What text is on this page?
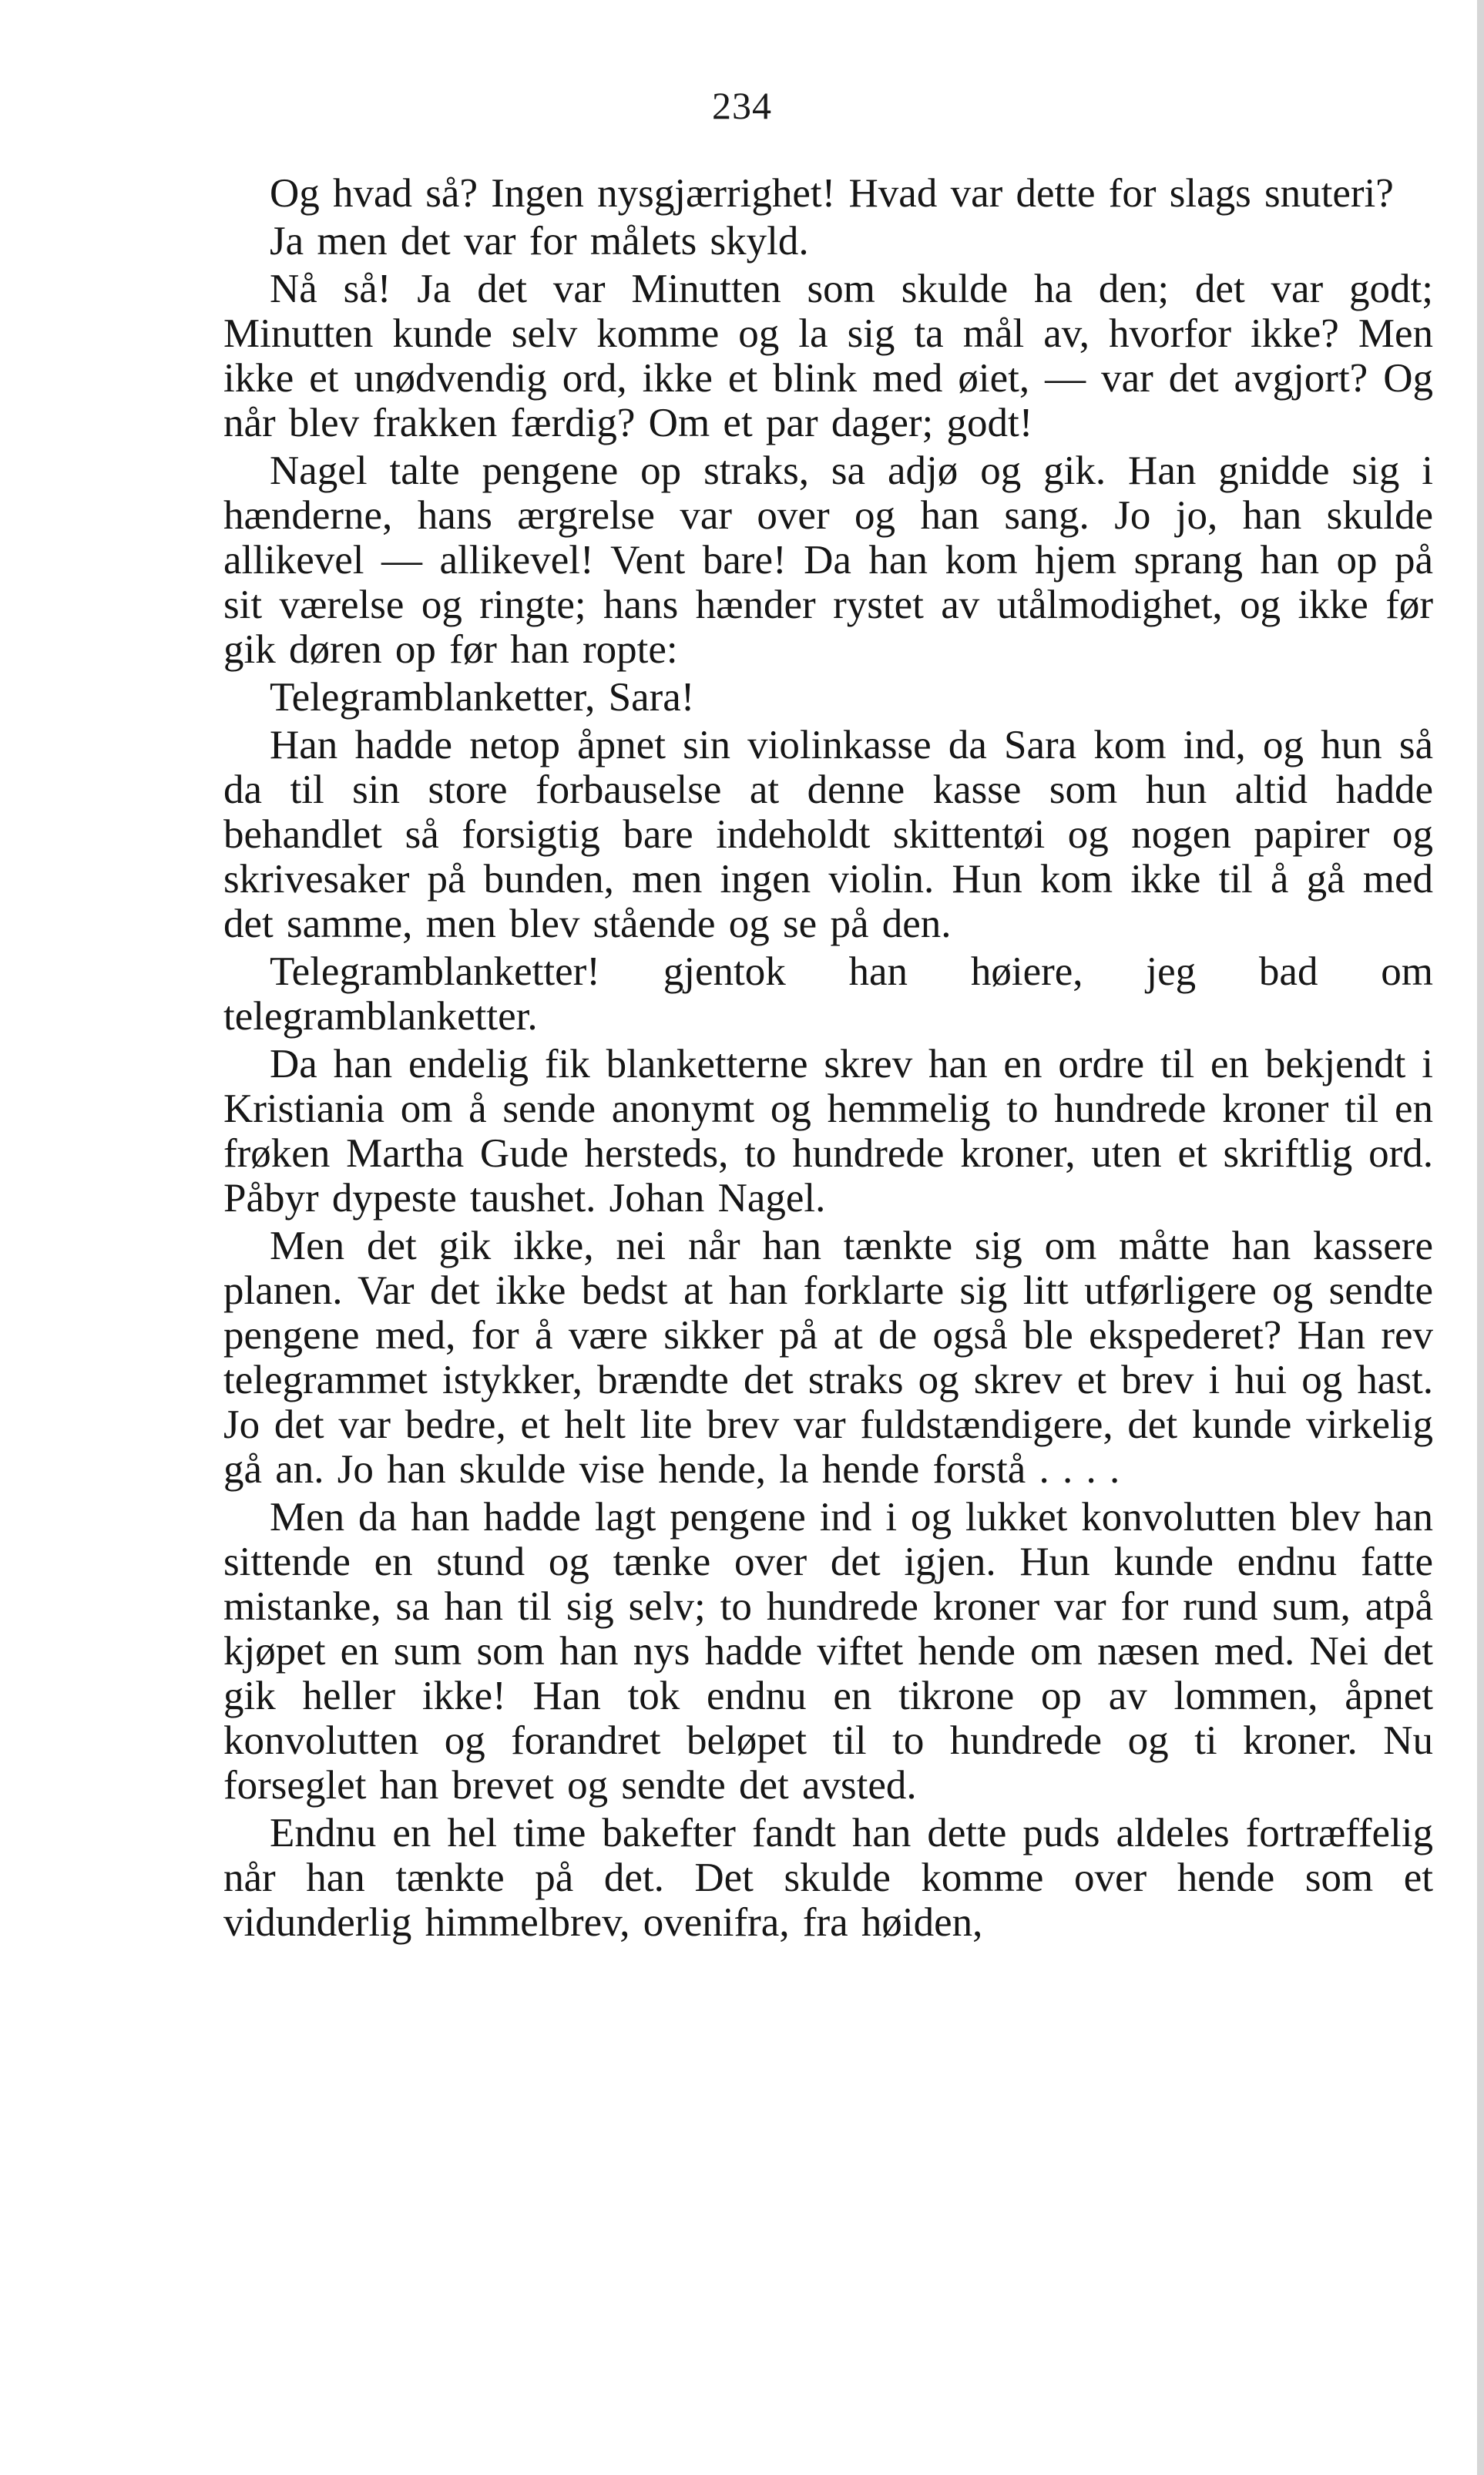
234

Og hvad så? Ingen nysgjærrighet! Hvad var dette for slags snuteri?

Ja men det var for målets skyld.

Nå så! Ja det var Minutten som skulde ha den; det var godt; Minutten kunde selv komme og la sig ta mål av, hvorfor ikke? Men ikke et unødvendig ord, ikke et blink med øiet, — var det avgjort? Og når blev frakken færdig? Om et par dager; godt!

Nagel talte pengene op straks, sa adjø og gik. Han gnidde sig i hænderne, hans ærgrelse var over og han sang. Jo jo, han skulde allikevel — allikevel! Vent bare! Da han kom hjem sprang han op på sit værelse og ringte; hans hænder rystet av utålmodighet, og ikke før gik døren op før han ropte:

Telegramblanketter, Sara!

Han hadde netop åpnet sin violinkasse da Sara kom ind, og hun så da til sin store forbauselse at denne kasse som hun altid hadde behandlet så forsigtig bare indeholdt skittentøi og nogen papirer og skrivesaker på bunden, men ingen violin. Hun kom ikke til å gå med det samme, men blev stående og se på den.

Telegramblanketter! gjentok han høiere, jeg bad om telegramblanketter.

Da han endelig fik blanketterne skrev han en ordre til en bekjendt i Kristiania om å sende anonymt og hemmelig to hundrede kroner til en frøken Martha Gude hersteds, to hundrede kroner, uten et skriftlig ord. Påbyr dypeste taushet. Johan Nagel.

Men det gik ikke, nei når han tænkte sig om måtte han kassere planen. Var det ikke bedst at han forklarte sig litt utførligere og sendte pengene med, for å være sikker på at de også ble ekspederet? Han rev telegrammet istykker, brændte det straks og skrev et brev i hui og hast. Jo det var bedre, et helt lite brev var fuldstændigere, det kunde virkelig gå an. Jo han skulde vise hende, la hende forstå . . . .

Men da han hadde lagt pengene ind i og lukket konvolutten blev han sittende en stund og tænke over det igjen. Hun kunde endnu fatte mistanke, sa han til sig selv; to hundrede kroner var for rund sum, atpå kjøpet en sum som han nys hadde viftet hende om næsen med. Nei det gik heller ikke! Han tok endnu en tikrone op av lommen, åpnet konvolutten og forandret beløpet til to hundrede og ti kroner. Nu forseglet han brevet og sendte det avsted.

Endnu en hel time bakefter fandt han dette puds aldeles fortræffelig når han tænkte på det. Det skulde komme over hende som et vidunderlig himmelbrev, ovenifra, fra høiden,
